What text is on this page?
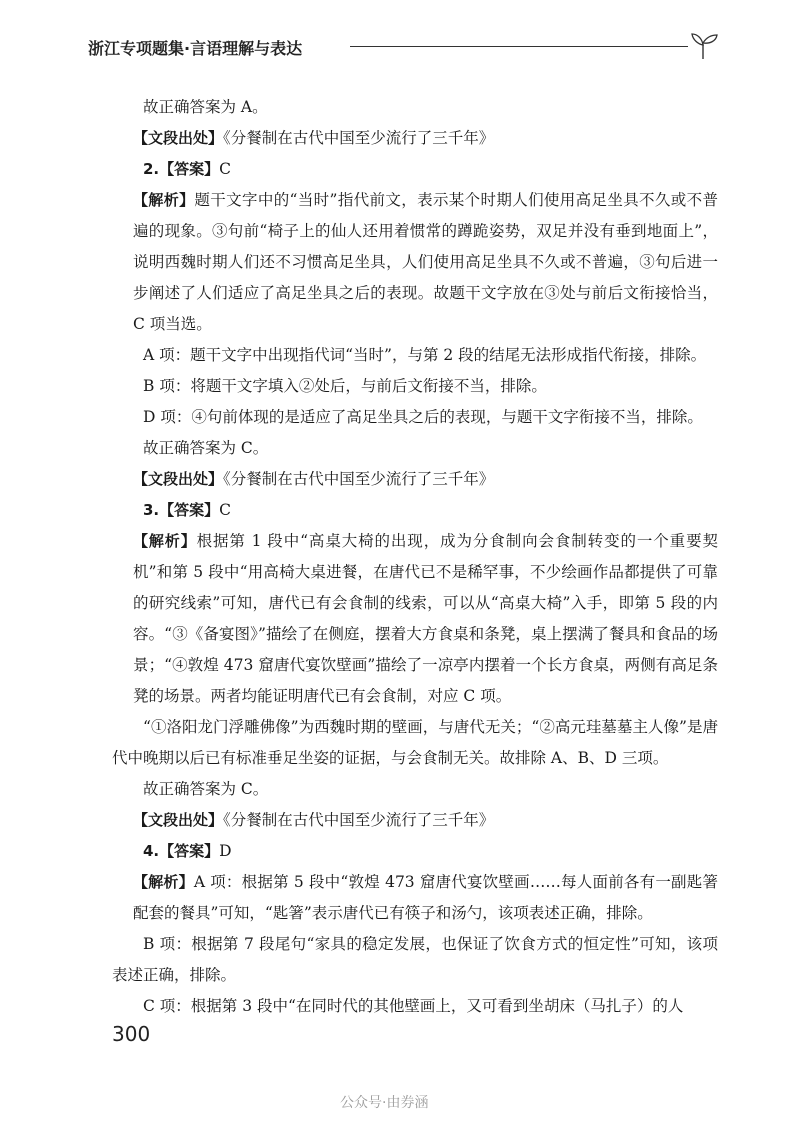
浙江专项题集·言语理解与表达

故正确答案为 A。

【文段出处】《分餐制在古代中国至少流行了三千年》

2.【答案】C

【解析】题干文字中的“当时”指代前文，表示某个时期人们使用高足坐具不久或不普遍的现象。③句前“椅子上的仙人还用着惯常的蹲跪姿势，双足并没有垂到地面上”，说明西魏时期人们还不习惯高足坐具，人们使用高足坐具不久或不普遍，③句后进一步阐述了人们适应了高足坐具之后的表现。故题干文字放在③处与前后文衔接恰当，C 项当选。

A 项：题干文字中出现指代词“当时”，与第 2 段的结尾无法形成指代衔接，排除。

B 项：将题干文字填入②处后，与前后文衔接不当，排除。

D 项：④句前体现的是适应了高足坐具之后的表现，与题干文字衔接不当，排除。

故正确答案为 C。

【文段出处】《分餐制在古代中国至少流行了三千年》

3.【答案】C

【解析】根据第 1 段中“高桌大椅的出现，成为分食制向会食制转变的一个重要契机”和第 5 段中“用高椅大桌进餐，在唐代已不是稀罕事，不少绘画作品都提供了可靠的研究线索”可知，唐代已有会食制的线索，可以从“高桌大椅”入手，即第 5 段的内容。“③《备宴图》”描绘了在侧庭，摆着大方食桌和条凳，桌上摆满了餐具和食品的场景；“④敦煌 473 窟唐代宴饮壁画”描绘了一凉亭内摆着一个长方食桌，两侧有高足条凳的场景。两者均能证明唐代已有会食制，对应 C 项。

“①洛阳龙门浮雕佛像”为西魏时期的壁画，与唐代无关；“②高元珪墓墓主人像”是唐代中晚期以后已有标准垂足坐姿的证据，与会食制无关。故排除 A、B、D 三项。

故正确答案为 C。

【文段出处】《分餐制在古代中国至少流行了三千年》

4.【答案】D

【解析】A 项：根据第 5 段中“敦煌 473 窟唐代宴饮壁画……每人面前各有一副匙箸配套的餐具”可知，“匙箸”表示唐代已有筷子和汤勺，该项表述正确，排除。

B 项：根据第 7 段尾句“家具的稳定发展，也保证了饮食方式的恒定性”可知，该项表述正确，排除。

C 项：根据第 3 段中“在同时代的其他壁画上，又可看到坐胡床（马扎子）的人

300
公众号·由券涵
